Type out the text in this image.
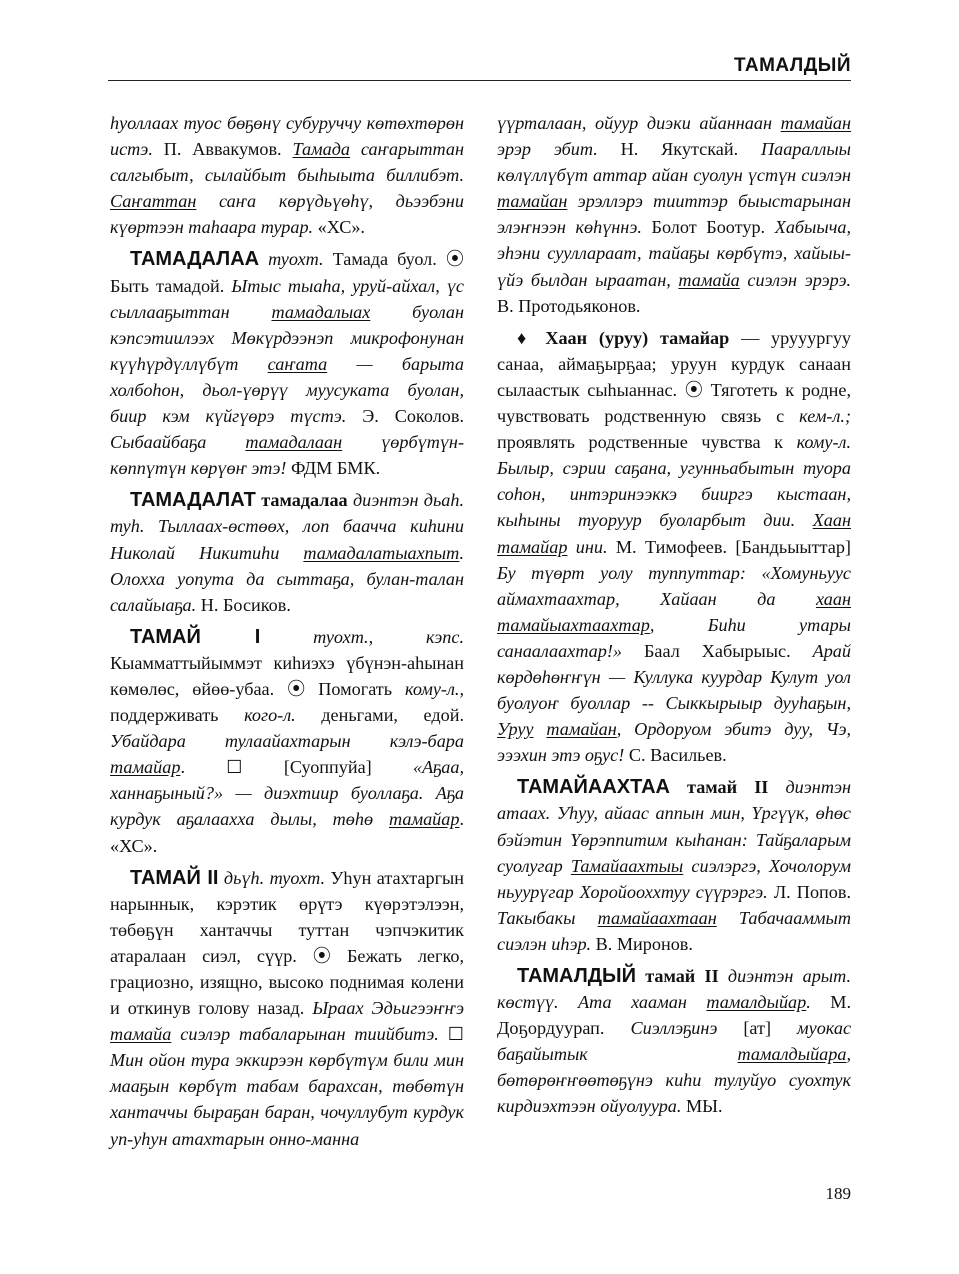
ТАМАЛДЫЙ

һуоллаах туос бөҕөнү субуруччу көтөхтөрөн истэ. П. Аввакумов. Тамада саҥарыттан салгыбыт, сылайбыт быһыыта биллибэт. Саҥаттан саҥа көрүдьүөһү, дьээбэни күөртээн таһаара турар. «ХС».

ТАМАДАЛАА туохт. Тамада буол. ⦿ Быть тамадой. Ытыс тыаһа, уруй-айхал, үс сыллааҕыттан тамадалыах буолан кэпсэтиилээх Мөкүрдээнэп микрофонунан күүһүрдүллүбүт саҥата — барыта холбоһон, дьол-үөрүү муусуката буолан, биир кэм күйгүөрэ түстэ. Э. Соколов. Сыбаайбаҕа тамадалаан үөрбүтүн-көппүтүн көрүөҥ этэ! ФДМ БМК.

ТАМАДАЛАТ тамадалаа диэнтэн дьаһ. туһ. Тыллаах-өстөөх, лоп баачча киһини Николай Никитиһи тамадалатыахпыт. Олохха уопута да сыттаҕа, булан-талан салайыаҕа. Н. Босиков.

ТАМАЙ I	туохт., кэпс. Кыамматтыйыммэт киһиэхэ үбүнэн-аһынан көмөлөс, өйөө-убаа. ⦿ Помогать кому-л., поддерживать кого-л. деньгами, едой. Убайдара тулаайахтарын кэлэ-бара тамайар. ☐ [Суоппуйа] «Аҕаа, ханнаҕыный?» — диэхтиир буоллаҕа. Аҕа курдук аҕалааххa дылы, төһө тамайар. «ХС».

ТАМАЙ II дьүһ. туохт. Уһун атахтаргын нарыннык, кэрэтик өрүтэ күөрэтэлээн, төбөҕүн хантаччы туттан чэпчэкитик атаралаан сиэл, сүүр. ⦿ Бежать легко, грациозно, изящно, высоко поднимая колени и откинув голову назад. Ыраах Эдьигээҥҥэ тамайа сиэлэр табаларынан тиийбитэ. ☐ Мин ойон тура эккирээн көрбүтүм били мин мааҕын көрбүт табам барахсан, төбөтүн хантаччы быраҕан баран, чочуллубут курдук уп-уһун атахтарын онно-манна

үүрталаан, ойуур диэки айаннаан тамайан эрэр эбит. Н. Якутскай. Паараллыы көлүллүбүт аттар айан суолун үстүн сиэлэн тамайан эрэллэрэ тииттэр быыстарынан элэҥнээн көһүннэ. Болот Боотур. Хабыыча, эһэни суулларaат, тайаҕы көрбүтэ, хайыы-үйэ былдан ыраатан, тамайа сиэлэн эрэрэ. В. Протодьяконов.

♦ Хаан (уруу) тамайар — урууургуу санаа, аймаҕырҕаа; уруун курдук санаан сылаастык сыһыаннас. ⦿ Тяготеть к родне, чувствовать родственную связь с кем-л.; проявлять родственные чувства к кому-л. Былыр, сэрии саҕана, угунньабытын туора соһон, интэринээккэ бииргэ кыстаан, кыһыны туоруур буоларбыт дии. Хаан тамайар ини. М. Тимофеев. [Бандьыыттар] Бу түөрт уолу туппуттар: «Хомуньуус аймахтаахтар, Хайаан да хаан тамайыахтаахтар, Биһи утары санаалаахтар!» Баал Хабырыыс. Арай көрдөһөҥҥүн — Куллука куурдар Кулут уол буолуоҥ буоллар -- Сыккырыыр дууһаҕын, Уруу тамайан, Ордоруом эбитэ дуу, Чэ, эээхин этэ оҕус! С. Васильев.

ТАМАЙААХТАА тамай II диэнтэн атаах. Уһуу, айаас аппын мин, Үргүүк, өһөс бэйэтин Үөрэппитим кыһанан: Тайҕаларым суолугар Тамайаахтыы сиэлэргэ, Хочолорум ньуурүгар Хоройооххтуу сүүрэргэ. Л. Попов. Такыбакы тамайаахтаан Табачааммыт сиэлэн иһэр. В. Миронов.

ТАМАЛДЫЙ тамай II диэнтэн арыт. көстүү. Ата хааман тамалдыйар. М. Доҕордуурап. Сиэллэҕинэ [ат] муокас баҕайытык	тамалдыйара, бөтөрөҥҥөөтөҕүнэ киһи тулуйуо суохтук кирдиэхтээн ойуолуура. МЫ.

189
